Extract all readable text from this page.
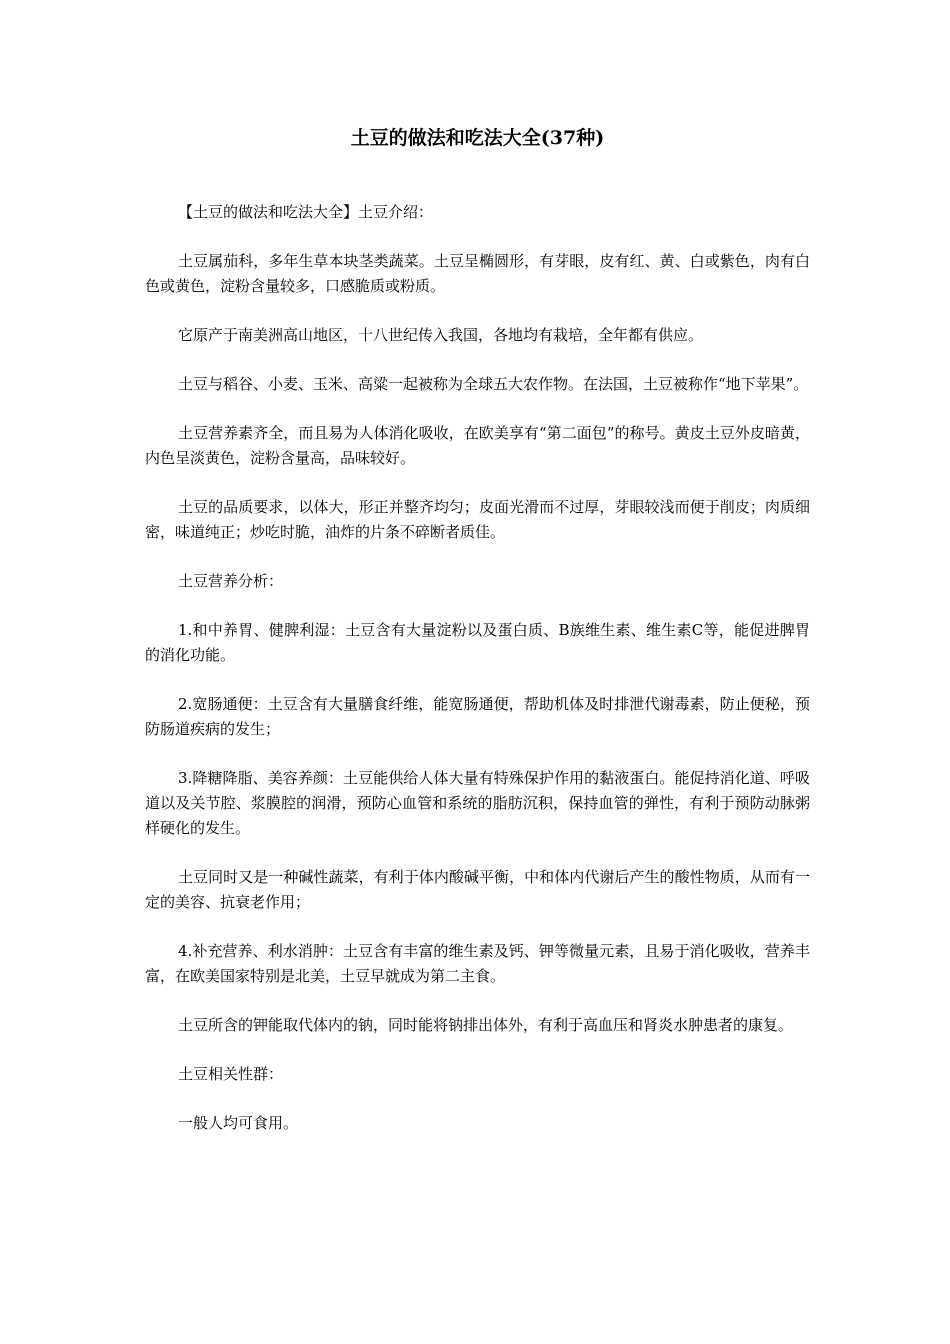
土豆的做法和吃法大全(37种)

【土豆的做法和吃法大全】土豆介绍：

土豆属茄科，多年生草本块茎类蔬菜。土豆呈椭圆形，有芽眼，皮有红、黄、白或紫色，肉有白色或黄色，淀粉含量较多，口感脆质或粉质。

它原产于南美洲高山地区，十八世纪传入我国，各地均有栽培，全年都有供应。

土豆与稻谷、小麦、玉米、高粱一起被称为全球五大农作物。在法国，土豆被称作“地下苹果”。

土豆营养素齐全，而且易为人体消化吸收，在欧美享有“第二面包”的称号。黄皮土豆外皮暗黄，内色呈淡黄色，淀粉含量高，品味较好。

土豆的品质要求，以体大，形正并整齐均匀；皮面光滑而不过厚，芽眼较浅而便于削皮；肉质细密，味道纯正；炒吃时脆，油炸的片条不碎断者质佳。

土豆营养分析：

1.和中养胃、健脾利湿：土豆含有大量淀粉以及蛋白质、B族维生素、维生素C等，能促进脾胃的消化功能。

2.宽肠通便：土豆含有大量膳食纤维，能宽肠通便，帮助机体及时排泄代谢毒素，防止便秘，预防肠道疾病的发生；

3.降糖降脂、美容养颜：土豆能供给人体大量有特殊保护作用的黏液蛋白。能促持消化道、呼吸道以及关节腔、浆膜腔的润滑，预防心血管和系统的脂肪沉积，保持血管的弹性，有利于预防动脉粥样硬化的发生。

土豆同时又是一种碱性蔬菜，有利于体内酸碱平衡，中和体内代谢后产生的酸性物质，从而有一定的美容、抗衰老作用；

4.补充营养、利水消肿：土豆含有丰富的维生素及钙、钾等微量元素，且易于消化吸收，营养丰富，在欧美国家特别是北美，土豆早就成为第二主食。

土豆所含的钾能取代体内的钠，同时能将钠排出体外，有利于高血压和肾炎水肿患者的康复。

土豆相关性群：

一般人均可食用。
